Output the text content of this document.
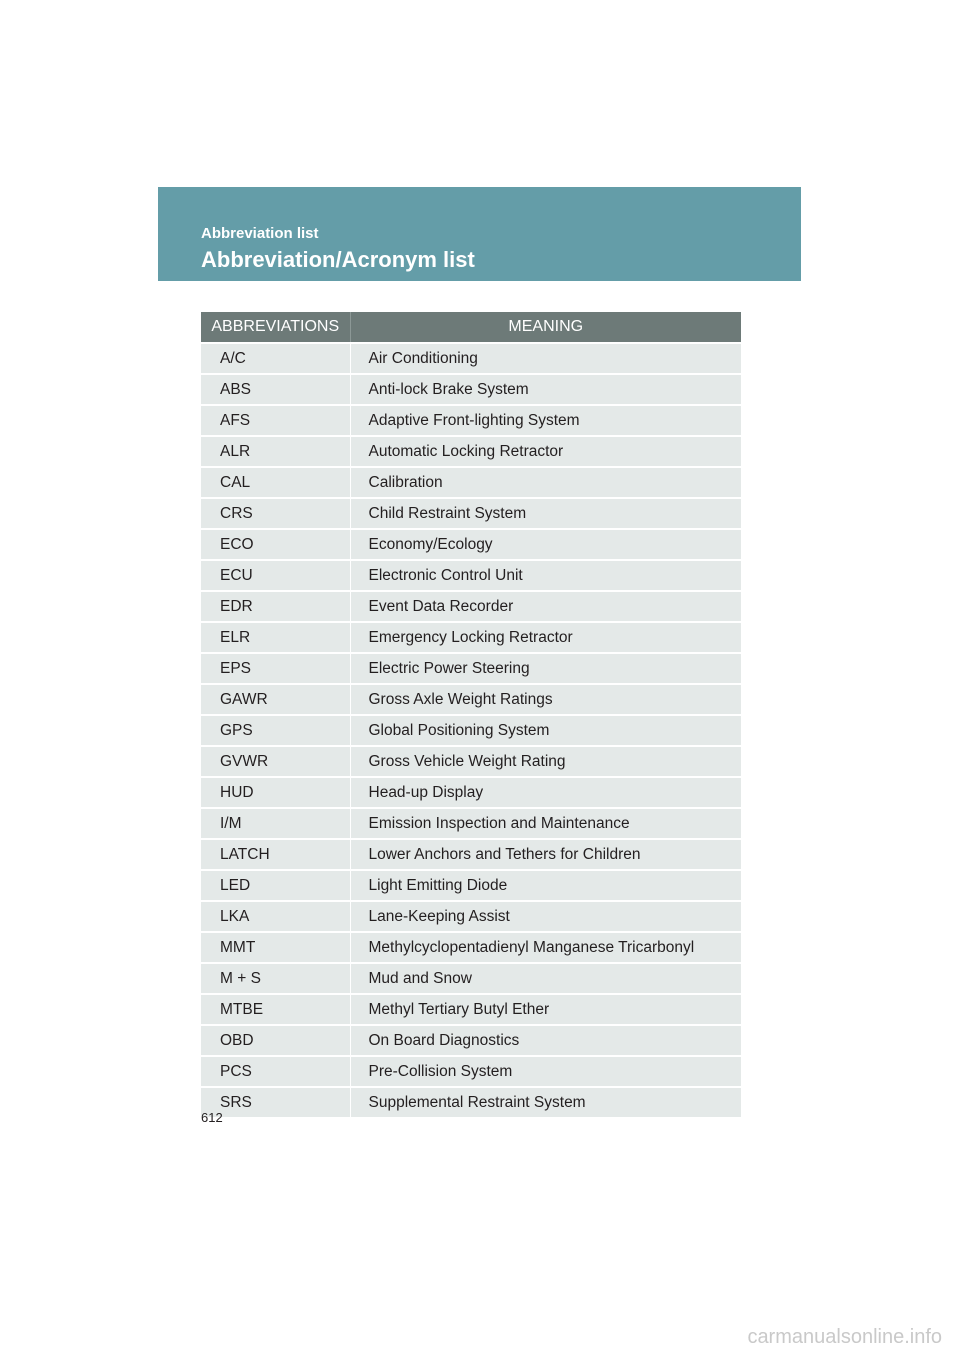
Abbreviation list
Abbreviation/Acronym list
ABBREVIATIONS	MEANING
A/C	Air Conditioning
ABS	Anti-lock Brake System
AFS	Adaptive Front-lighting System
ALR	Automatic Locking Retractor
CAL	Calibration
CRS	Child Restraint System
ECO	Economy/Ecology
ECU	Electronic Control Unit
EDR	Event Data Recorder
ELR	Emergency Locking Retractor
EPS	Electric Power Steering
GAWR	Gross Axle Weight Ratings
GPS	Global Positioning System
GVWR	Gross Vehicle Weight Rating
HUD	Head-up Display
I/M	Emission Inspection and Maintenance
LATCH	Lower Anchors and Tethers for Children
LED	Light Emitting Diode
LKA	Lane-Keeping Assist
MMT	Methylcyclopentadienyl Manganese Tricarbonyl
M + S	Mud and Snow
MTBE	Methyl Tertiary Butyl Ether
OBD	On Board Diagnostics
PCS	Pre-Collision System
SRS	Supplemental Restraint System
612
carmanualsonline.info
